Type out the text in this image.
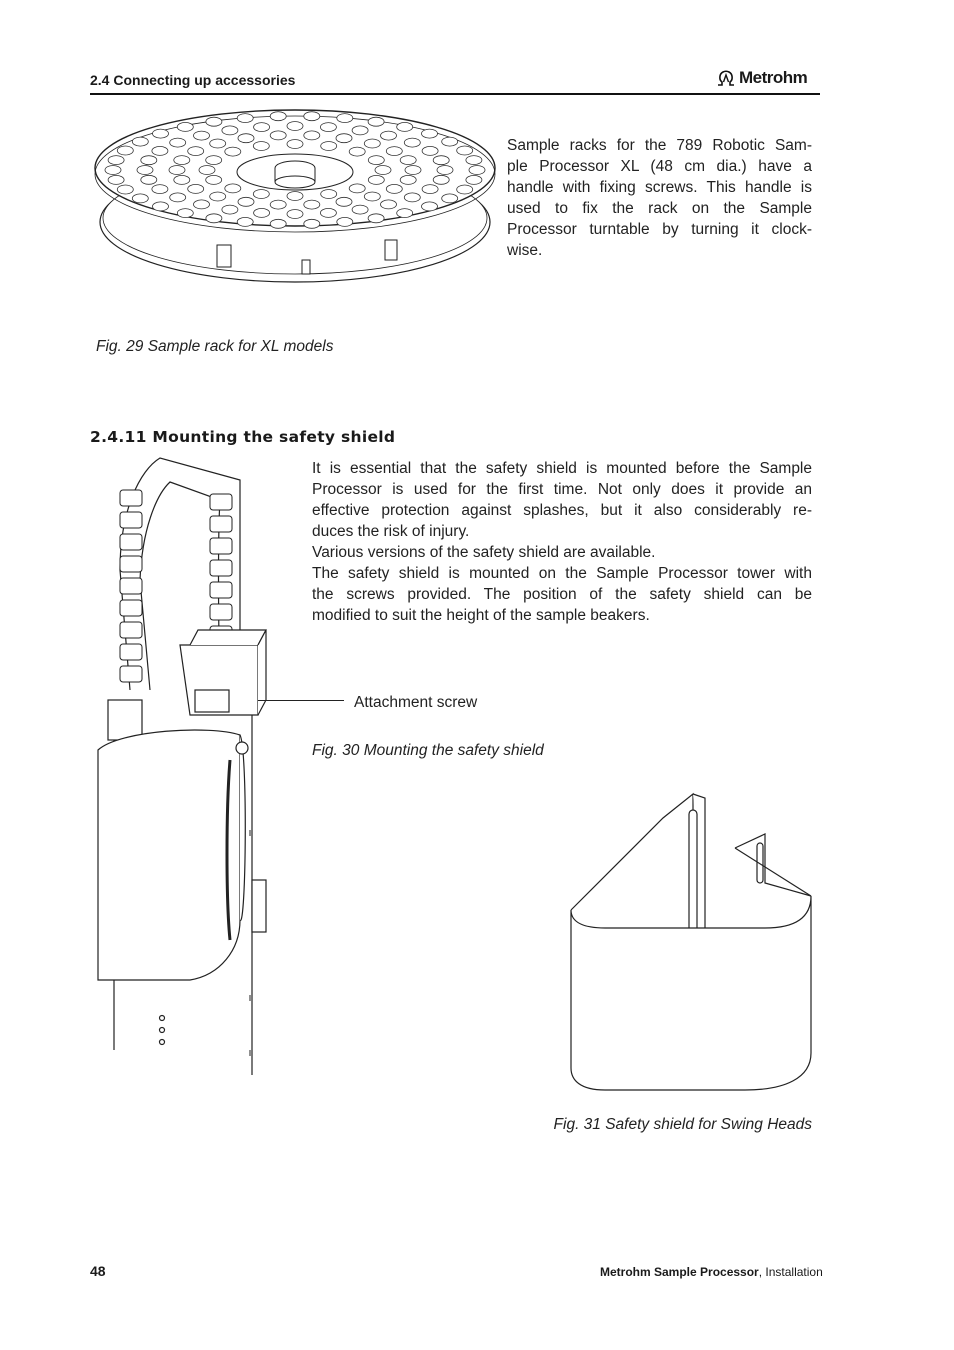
2.4 Connecting up accessories	Metrohm
Sample racks for the 789 Robotic Sam-
ple Processor XL (48 cm dia.) have a
handle with fixing screws. This handle is
used to fix the rack on the Sample
Processor turntable by turning it clock-
wise.
Fig. 29 Sample rack for XL models
2.4.11 Mounting the safety shield
It is essential that the safety shield is mounted before the Sample
Processor is used for the first time. Not only does it provide an
effective protection against splashes, but it also considerably re-
duces the risk of injury.
Various versions of the safety shield are available.
The safety shield is mounted on the Sample Processor tower with
the screws provided. The position of the safety shield can be
modified to suit the height of the sample beakers.
Attachment screw
Fig. 30 Mounting the safety shield
Fig. 31 Safety shield for Swing Heads
48	Metrohm Sample Processor, Installation
